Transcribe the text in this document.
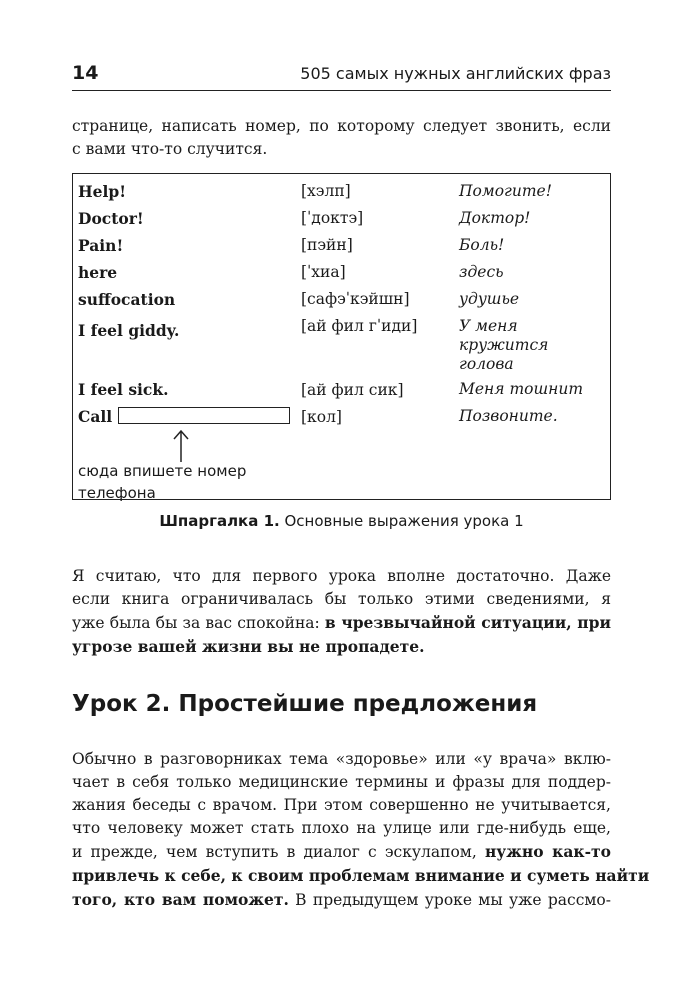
14	505 самых нужных английских фраз

странице, написать номер, по которому следует звонить, если
с вами что-то случится.

Help!	[хэлп]	Помогите!
Doctor!	[ˈдоктэ]	Доктор!
Pain!	[пэйн]	Боль!
here	[ˈхиа]	здесь
suffocation	[сафэˈкэйшн]	удушье
I feel giddy.	[ай фил гˈиди]	У меня
кружится
голова
I feel sick.	[ай фил сик]	Меня тошнит
Call	[кол]	Позвоните.
сюда впишете номер
телефона
Шпаргалка 1. Основные выражения урока 1

Я считаю, что для первого урока вполне достаточно. Даже
если книга ограничивалась бы только этими сведениями, я
уже была бы за вас спокойна: в чрезвычайной ситуации, при
угрозе вашей жизни вы не пропадете.

Урок 2. Простейшие предложения

Обычно в разговорниках тема «здоровье» или «у врача» вклю-
чает в себя только медицинские термины и фразы для поддер-
жания беседы с врачом. При этом совершенно не учитывается,
что человеку может стать плохо на улице или где-нибудь еще,
и прежде, чем вступить в диалог с эскулапом, нужно как-то
привлечь к себе, к своим проблемам внимание и суметь найти
того, кто вам поможет. В предыдущем уроке мы уже рассмо-
